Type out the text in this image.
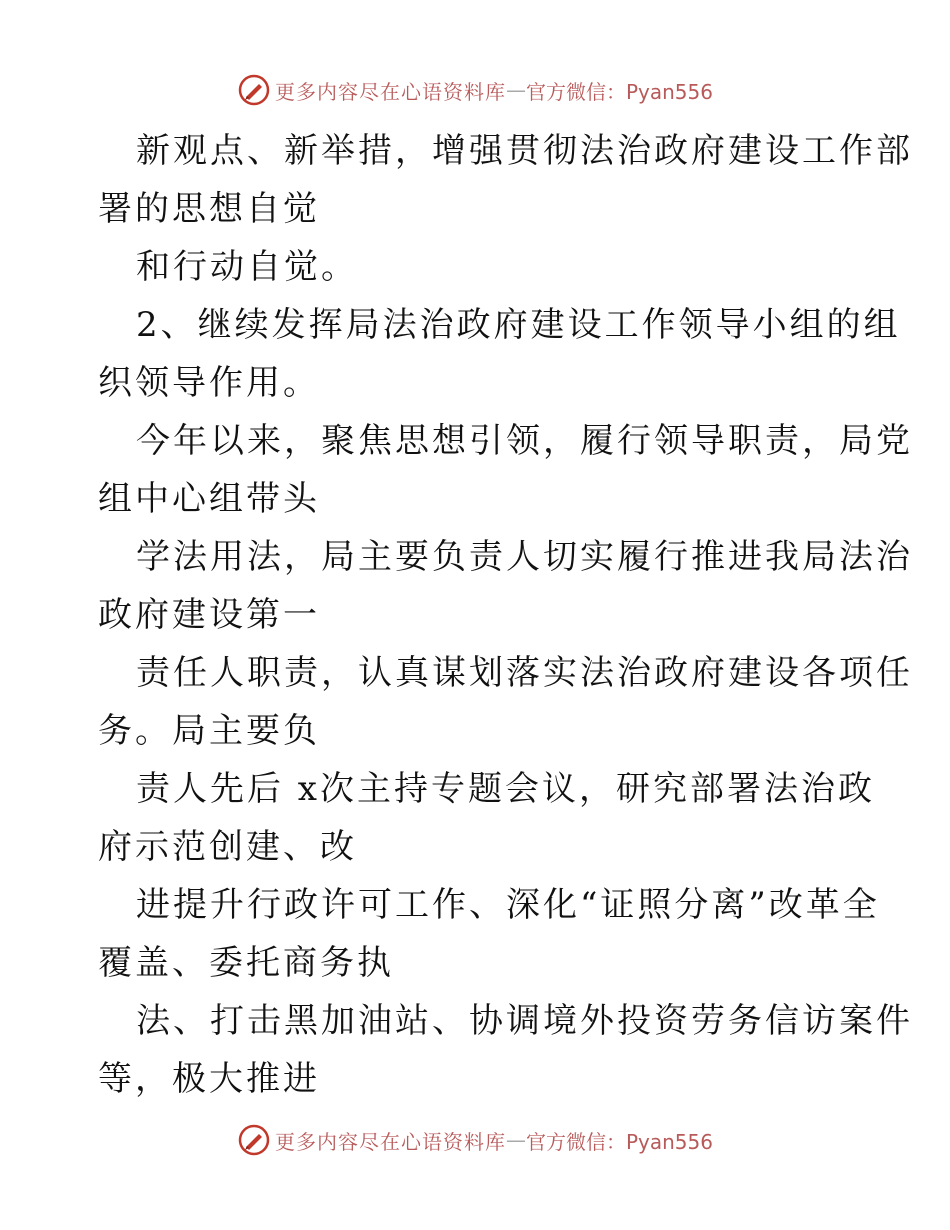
更多内容尽在心语资料库 — 官方微信：Pyan556
新观点、新举措，增强贯彻法治政府建设工作部
署的思想自觉
和行动自觉。
2、继续发挥局法治政府建设工作领导小组的组
织领导作用。
今年以来，聚焦思想引领，履行领导职责，局党
组中心组带头
学法用法，局主要负责人切实履行推进我局法治
政府建设第一
责任人职责，认真谋划落实法治政府建设各项任
务。局主要负
责人先后 x次主持专题会议，研究部署法治政
府示范创建、改
进提升行政许可工作、深化“证照分离”改革全
覆盖、委托商务执
法、打击黑加油站、协调境外投资劳务信访案件
等，极大推进
更多内容尽在心语资料库 — 官方微信：Pyan556
